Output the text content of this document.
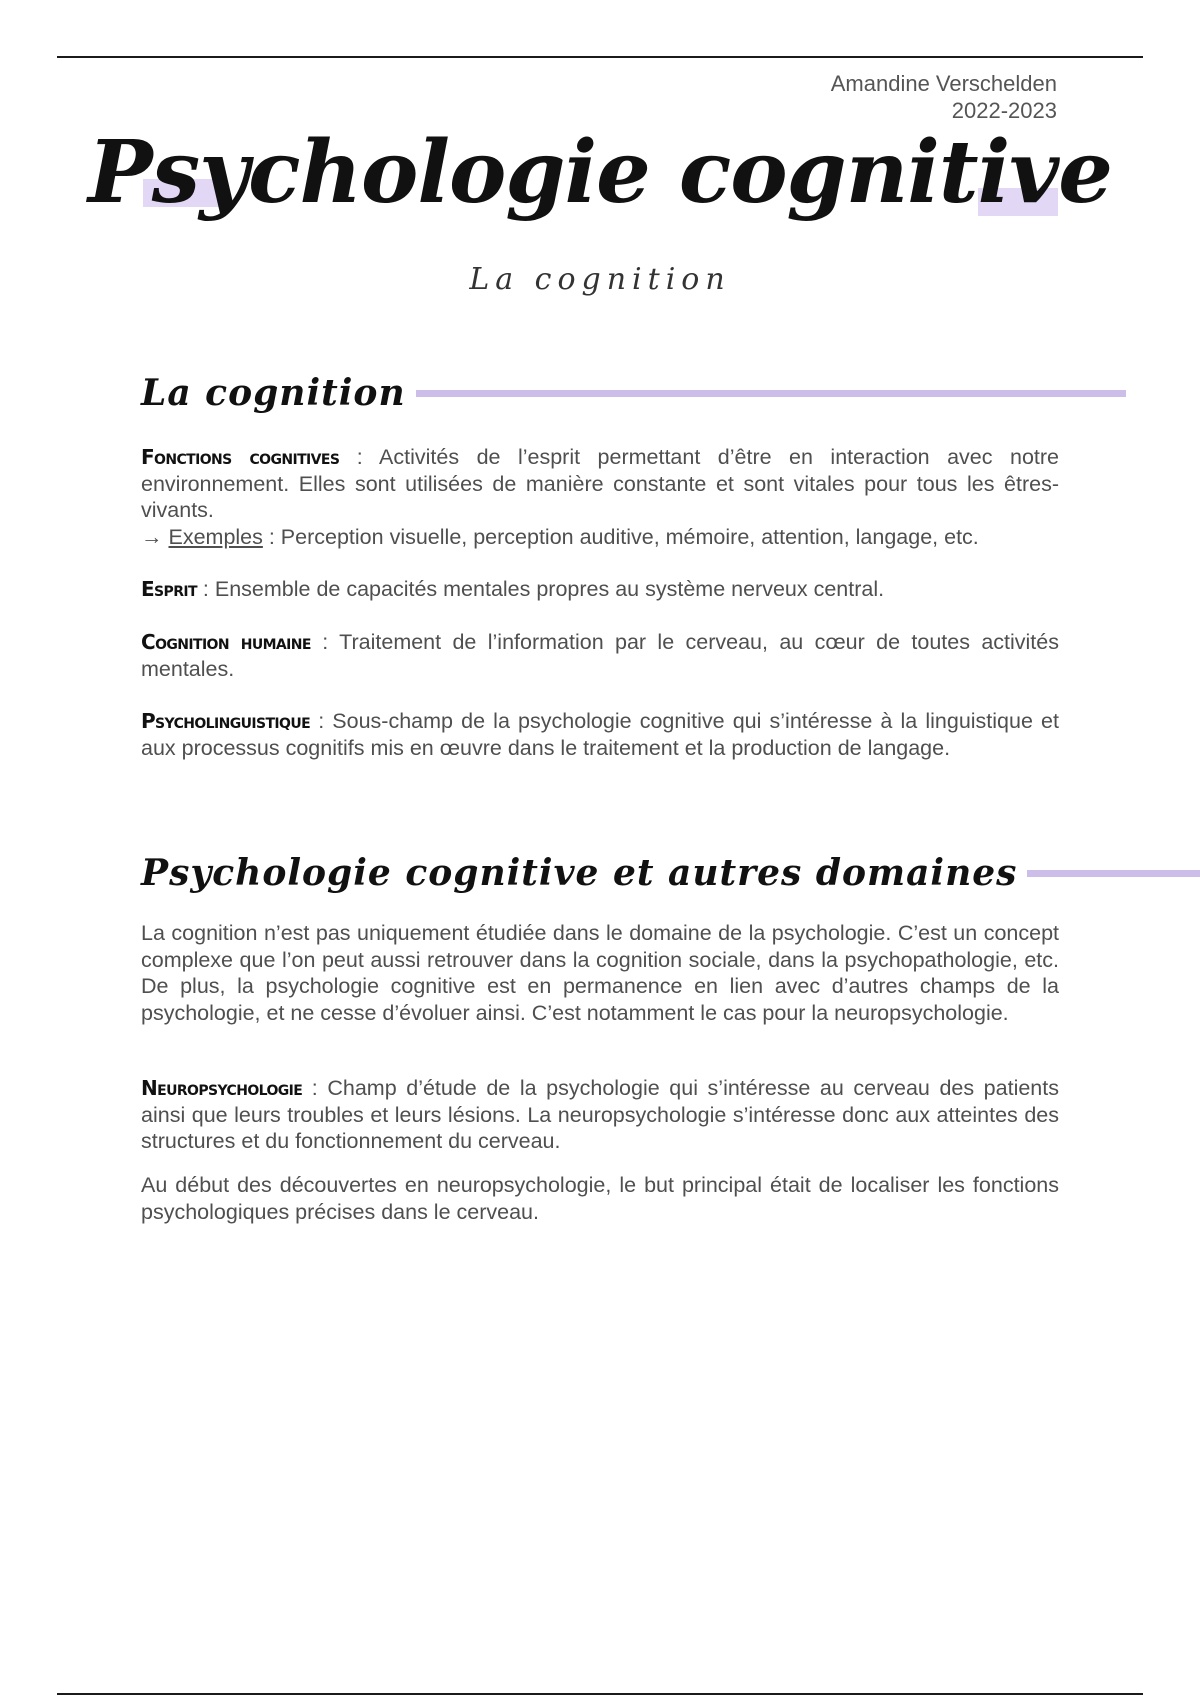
Amandine Verschelden
2022-2023
Psychologie cognitive
La cognition
La cognition
Fonctions cognitives : Activités de l’esprit permettant d’être en interaction avec notre environnement. Elles sont utilisées de manière constante et sont vitales pour tous les êtres-vivants.
→ Exemples : Perception visuelle, perception auditive, mémoire, attention, langage, etc.
Esprit : Ensemble de capacités mentales propres au système nerveux central.
Cognition humaine : Traitement de l’information par le cerveau, au cœur de toutes activités mentales.
Psycholinguistique : Sous-champ de la psychologie cognitive qui s’intéresse à la linguistique et aux processus cognitifs mis en œuvre dans le traitement et la production de langage.
Psychologie cognitive et autres domaines
La cognition n’est pas uniquement étudiée dans le domaine de la psychologie. C’est un concept complexe que l’on peut aussi retrouver dans la cognition sociale, dans la psychopathologie, etc. De plus, la psychologie cognitive est en permanence en lien avec d’autres champs de la psychologie, et ne cesse d’évoluer ainsi. C’est notamment le cas pour la neuropsychologie.
Neuropsychologie : Champ d’étude de la psychologie qui s’intéresse au cerveau des patients ainsi que leurs troubles et leurs lésions. La neuropsychologie s’intéresse donc aux atteintes des structures et du fonctionnement du cerveau.
Au début des découvertes en neuropsychologie, le but principal était de localiser les fonctions psychologiques précises dans le cerveau.
